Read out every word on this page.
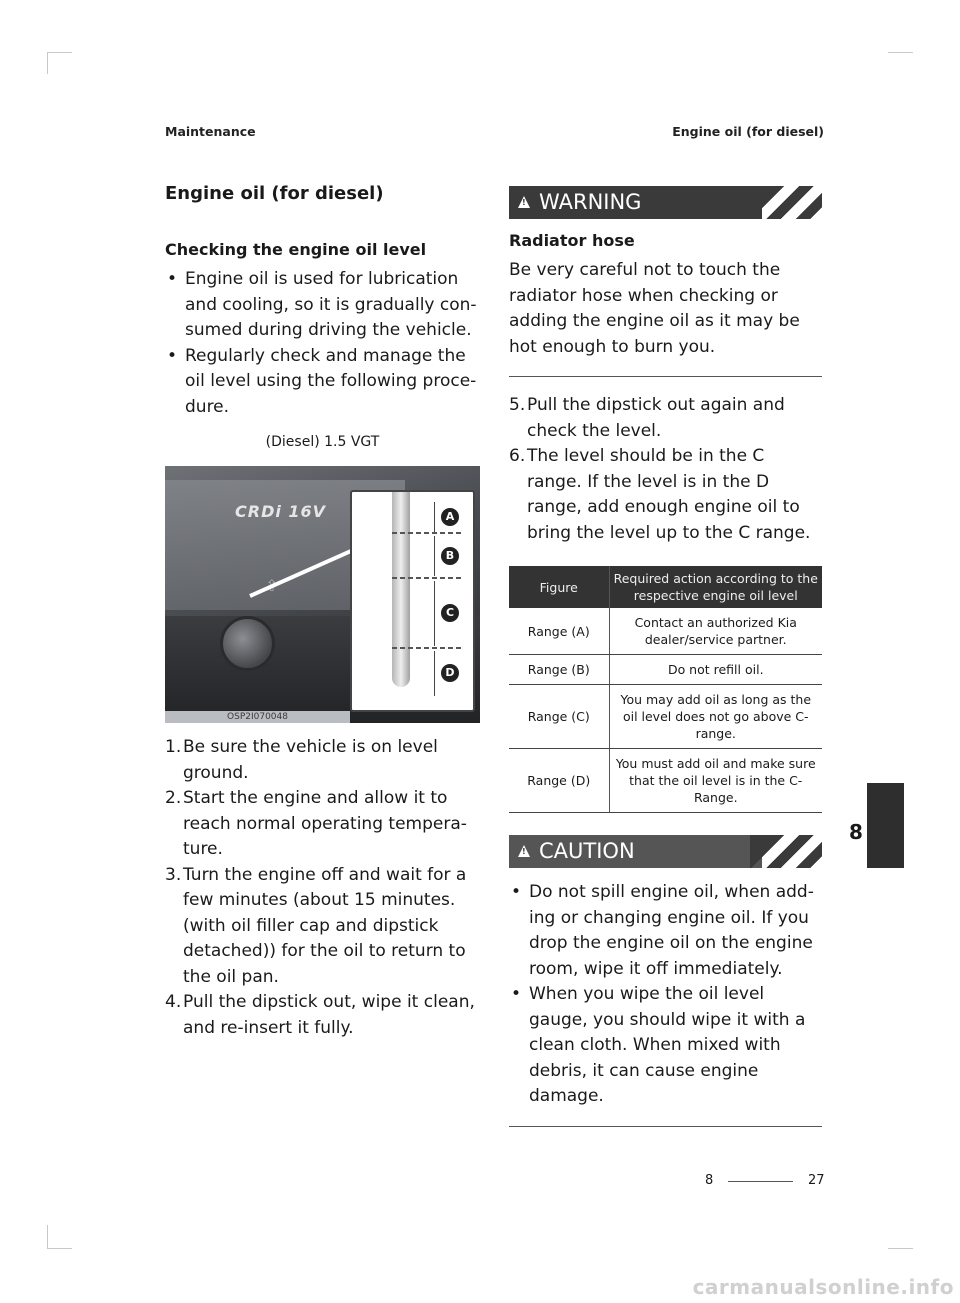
Maintenance	Engine oil (for diesel)
Engine oil (for diesel)
Checking the engine oil level
• Engine oil is used for lubrication and cooling, so it is gradually con-sumed during driving the vehicle.
• Regularly check and manage the oil level using the following proce-dure.
(Diesel) 1.5 VGT
CRDi 16V	A
B
C
D
OSP2I070048
1. Be sure the vehicle is on level ground.
2. Start the engine and allow it to reach normal operating tempera-ture.
3. Turn the engine off and wait for a few minutes (about 15 minutes. (with oil filler cap and dipstick detached)) for the oil to return to the oil pan.
4. Pull the dipstick out, wipe it clean, and re-insert it fully.
!
WARNING
Radiator hose
Be very careful not to touch the radiator hose when checking or adding the engine oil as it may be hot enough to burn you.
5. Pull the dipstick out again and check the level.
6. The level should be in the C range. If the level is in the D range, add enough engine oil to bring the level up to the C range.
Figure	Required action according to the respective engine oil level
Range (A)	Contact an authorized Kia dealer/service partner.
Range (B)	Do not refill oil.
Range (C)	You may add oil as long as the oil level does not go above C-range.
Range (D)	You must add oil and make sure that the oil level is in the C-Range.
!
CAUTION
• Do not spill engine oil, when add-ing or changing engine oil. If you drop the engine oil on the engine room, wipe it off immediately.
• When you wipe the oil level gauge, you should wipe it with a clean cloth. When mixed with debris, it can cause engine damage.
8
8	27
carmanualsonline.info
